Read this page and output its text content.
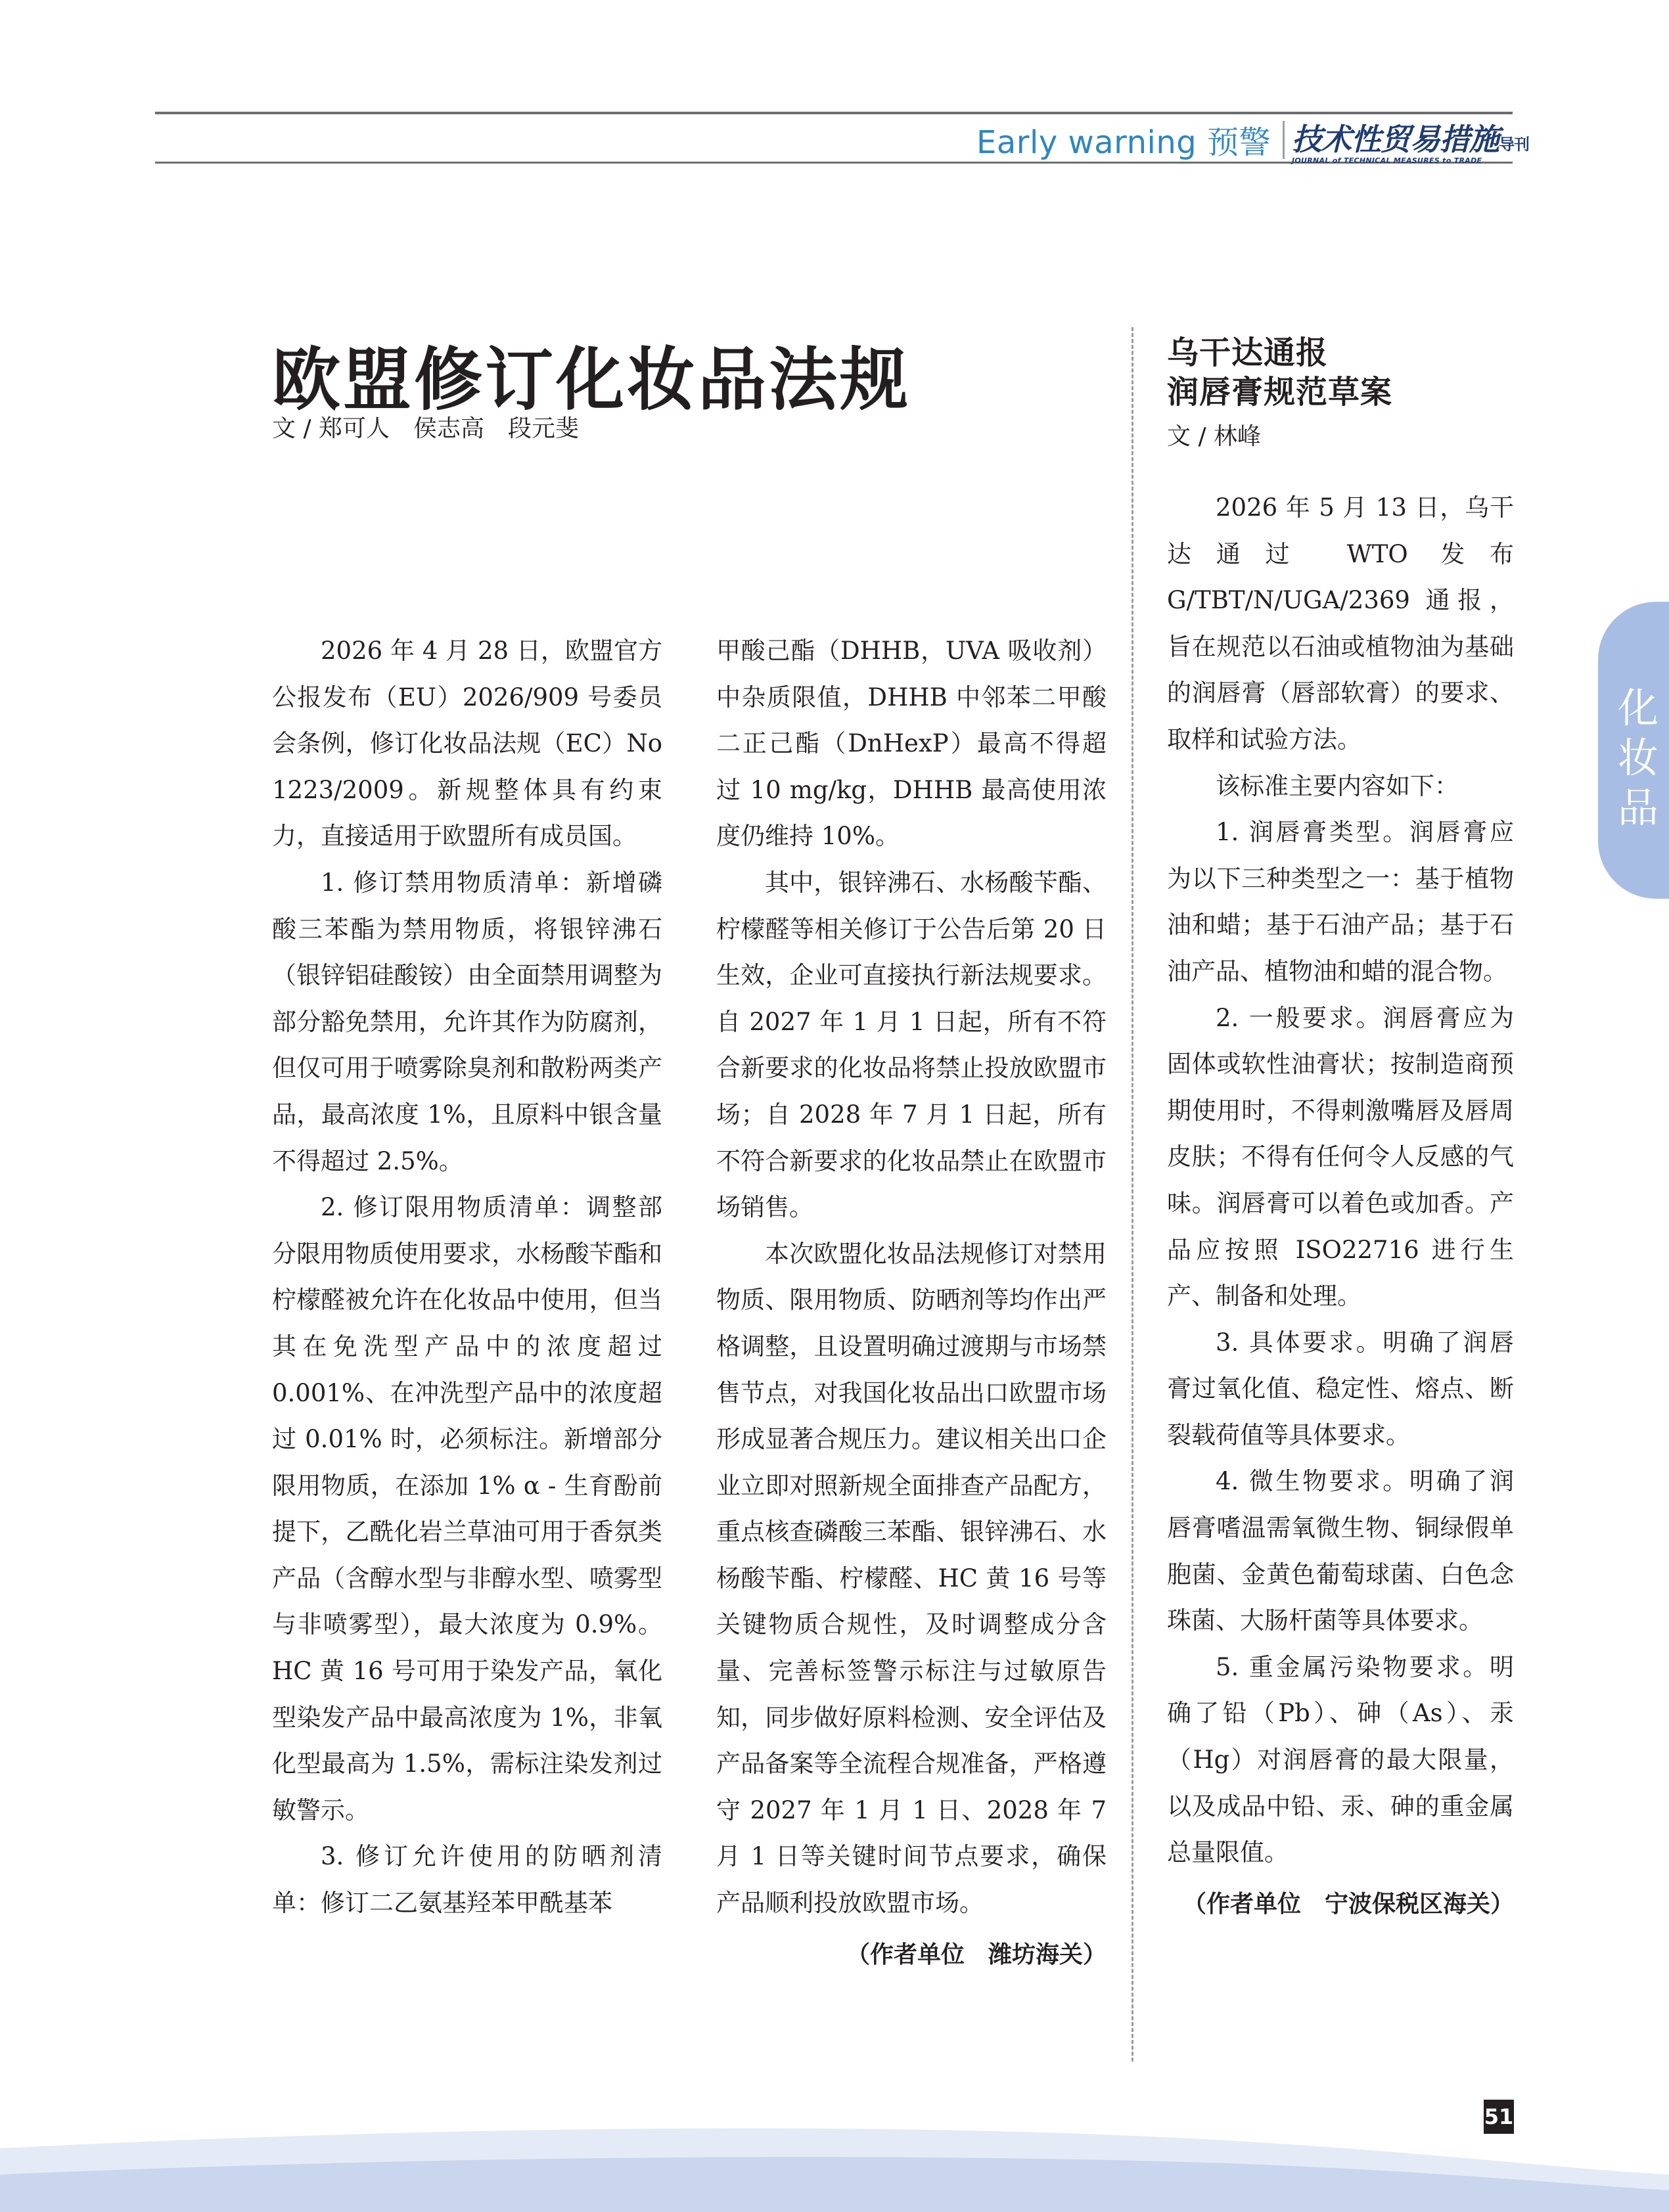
Early warning 预警 技术性贸易措施导刊
JOURNAL of TECHNICAL MEASURES to TRADE
欧盟修订化妆品法规
文 / 郑可人　侯志高　段元斐

2026 年 4 月 28 日，欧盟官方公报发布（EU）2026/909 号委员会条例，修订化妆品法规（EC）No 1223/2009。新规整体具有约束力，直接适用于欧盟所有成员国。

1. 修订禁用物质清单：新增磷酸三苯酯为禁用物质，将银锌沸石（银锌铝硅酸铵）由全面禁用调整为部分豁免禁用，允许其作为防腐剂，但仅可用于喷雾除臭剂和散粉两类产品，最高浓度 1%，且原料中银含量不得超过 2.5%。

2. 修订限用物质清单：调整部分限用物质使用要求，水杨酸苄酯和柠檬醛被允许在化妆品中使用，但当其在免洗型产品中的浓度超过 0.001%、在冲洗型产品中的浓度超过 0.01% 时，必须标注。新增部分限用物质，在添加 1% α - 生育酚前提下，乙酰化岩兰草油可用于香氛类产品（含醇水型与非醇水型、喷雾型与非喷雾型），最大浓度为 0.9%。HC 黄 16 号可用于染发产品，氧化型染发产品中最高浓度为 1%，非氧化型最高为 1.5%，需标注染发剂过敏警示。

3. 修订允许使用的防晒剂清单：修订二乙氨基羟苯甲酰基苯

甲酸己酯（DHHB，UVA 吸收剂）中杂质限值，DHHB 中邻苯二甲酸二正己酯（DnHexP）最高不得超过 10 mg/kg，DHHB 最高使用浓度仍维持 10%。

其中，银锌沸石、水杨酸苄酯、柠檬醛等相关修订于公告后第 20 日生效，企业可直接执行新法规要求。自 2027 年 1 月 1 日起，所有不符合新要求的化妆品将禁止投放欧盟市场；自 2028 年 7 月 1 日起，所有不符合新要求的化妆品禁止在欧盟市场销售。

本次欧盟化妆品法规修订对禁用物质、限用物质、防晒剂等均作出严格调整，且设置明确过渡期与市场禁售节点，对我国化妆品出口欧盟市场形成显著合规压力。建议相关出口企业立即对照新规全面排查产品配方，重点核查磷酸三苯酯、银锌沸石、水杨酸苄酯、柠檬醛、HC 黄 16 号等关键物质合规性，及时调整成分含量、完善标签警示标注与过敏原告知，同步做好原料检测、安全评估及产品备案等全流程合规准备，严格遵守 2027 年 1 月 1 日、2028 年 7 月 1 日等关键时间节点要求，确保产品顺利投放欧盟市场。

（作者单位　潍坊海关）

乌干达通报
润唇膏规范草案
文 / 林峰

2026 年 5 月 13 日，乌干达通过 WTO 发布 G/TBT/N/UGA/2369 通报，旨在规范以石油或植物油为基础的润唇膏（唇部软膏）的要求、取样和试验方法。

该标准主要内容如下：

1. 润唇膏类型。润唇膏应为以下三种类型之一：基于植物油和蜡；基于石油产品；基于石油产品、植物油和蜡的混合物。

2. 一般要求。润唇膏应为固体或软性油膏状；按制造商预期使用时，不得刺激嘴唇及唇周皮肤；不得有任何令人反感的气味。润唇膏可以着色或加香。产品应按照 ISO22716 进行生产、制备和处理。

3. 具体要求。明确了润唇膏过氧化值、稳定性、熔点、断裂载荷值等具体要求。

4. 微生物要求。明确了润唇膏嗜温需氧微生物、铜绿假单胞菌、金黄色葡萄球菌、白色念珠菌、大肠杆菌等具体要求。

5. 重金属污染物要求。明确了铅（Pb）、砷（As）、汞（Hg）对润唇膏的最大限量，以及成品中铅、汞、砷的重金属总量限值。

（作者单位　宁波保税区海关）

化
妆
品
51
